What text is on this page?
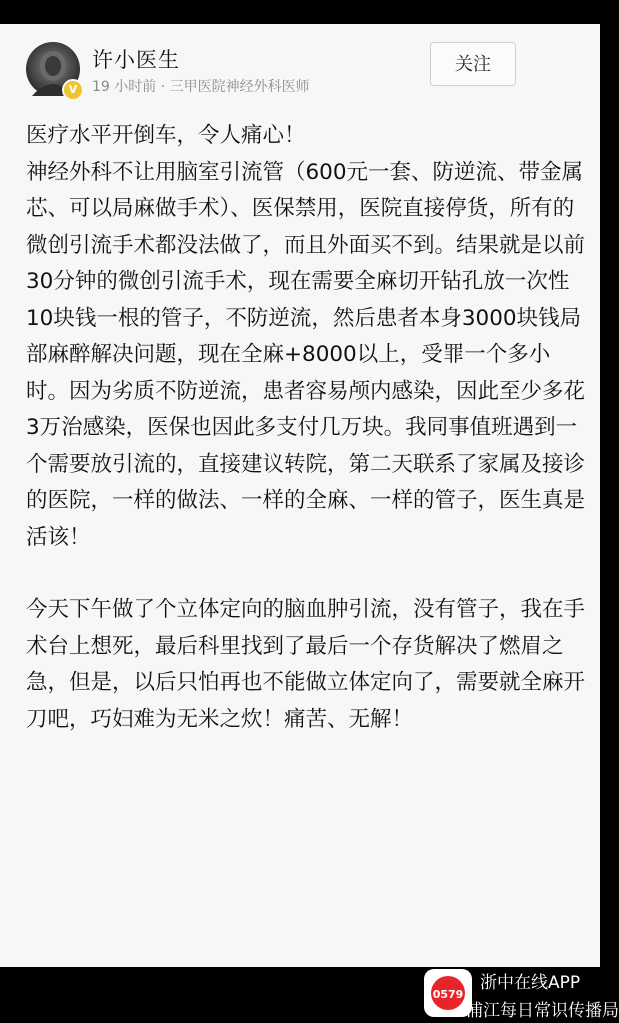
V
许小医生
19 小时前 · 三甲医院神经外科医师
关注

医疗水平开倒车，令人痛心！
神经外科不让用脑室引流管（600元一套、防逆流、带金属芯、可以局麻做手术）、医保禁用，医院直接停货，所有的微创引流手术都没法做了，而且外面买不到。结果就是以前30分钟的微创引流手术，现在需要全麻切开钻孔放一次性10块钱一根的管子，不防逆流，然后患者本身3000块钱局部麻醉解决问题，现在全麻+8000以上，受罪一个多小时。因为劣质不防逆流，患者容易颅内感染，因此至少多花3万治感染，医保也因此多支付几万块。我同事值班遇到一个需要放引流的，直接建议转院，第二天联系了家属及接诊的医院，一样的做法、一样的全麻、一样的管子，医生真是活该！

今天下午做了个立体定向的脑血肿引流，没有管子，我在手术台上想死，最后科里找到了最后一个存货解决了燃眉之急，但是，以后只怕再也不能做立体定向了，需要就全麻开刀吧，巧妇难为无米之炊！痛苦、无解！

0579
浙中在线APP
浦江每日常识传播局
